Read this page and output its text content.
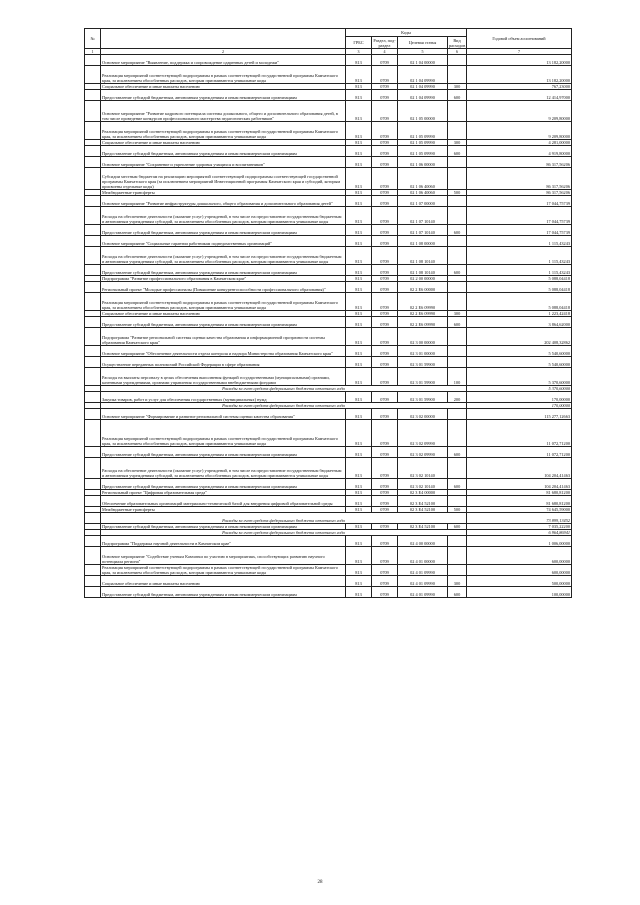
№		Коды				Годовой объем ассигнований
		ГРБС	Раздел, под-раздел	Целевая статья	Вид расходов	
1	2	3	4	5	6	7
	Основное мероприятие "Выявление, поддержка и сопровождение одаренных детей и молодежи"	813	0709	02 1 04 00000		13 182,20000
	Реализация мероприятий соответствующей подпрограммы в рамках соответствующей государственной программы Камчатского края, за исключением обособленных расходов, которым присваиваются уникальные коды	813	0709	02 1 04 09990		13 182,20000
	Социальное обеспечение и иные выплаты населению	813	0709	02 1 04 09990	300	767,23000
	Предоставление субсидий бюджетным, автономным учреждениям и иным некоммерческим организациям	813	0709	02 1 04 09990	600	12 414,97000
	Основное мероприятие "Развитие кадрового потенциала системы дошкольного, общего и дополнительного образования детей, в том числе проведение конкурсов профессионального мастерства педагогических работников"	813	0709	02 1 05 00000		9 209,80000
	Реализация мероприятий соответствующей подпрограммы в рамках соответствующей государственной программы Камчатского края, за исключением обособленных расходов, которым присваиваются уникальные коды	813	0709	02 1 05 09990		9 209,80000
	Социальное обеспечение и иные выплаты населению	813	0709	02 1 05 09990	300	4 281,00000
	Предоставление субсидий бюджетным, автономным учреждениям и иным некоммерческим организациям	813	0709	02 1 05 09990	600	4 919,80000
	Основное мероприятие "Сохранение и укрепление здоровья учащихся и воспитанников"	813	0709	02 1 06 00000		86 317,56206
	Субсидии местным бюджетам на реализацию мероприятий соответствующей подпрограммы соответствующей государственной программы Камчатского края (за исключением мероприятий Инвестиционной программы Камчатского края и субсидий, которым присвоены отдельные коды)	813	0709	02 1 06 40060		86 317,56206
	Межбюджетные трансферты	813	0709	02 1 06 40060	500	86 317,56206
	Основное мероприятие "Развитие инфраструктуры дошкольного, общего образования и дополнительного образования детей"	813	0709	02 1 07 00000		17 044,75739
	Расходы на обеспечение деятельности (оказание услуг) учреждений, в том числе на предоставление государственным бюджетным и автономным учреждениям субсидий, за исключением обособленных расходов, которым присваиваются уникальные коды	813	0709	02 1 07 10140		17 044,75739
	Предоставление субсидий бюджетным, автономным учреждениям и иным некоммерческим организациям	813	0709	02 1 07 10140	600	17 044,75739
	Основное мероприятие "Социальные гарантии работникам подведомственных организаций"	813	0709	02 1 08 00000		1 115,43243
	Расходы на обеспечение деятельности (оказание услуг) учреждений, в том числе на предоставление государственным бюджетным и автономным учреждениям субсидий, за исключением обособленных расходов, которым присваиваются уникальные коды	813	0709	02 1 08 10140		1 115,43243
	Предоставление субсидий бюджетным, автономным учреждениям и иным некоммерческим организациям	813	0709	02 1 08 10140	600	1 115,43243
	Подпрограмма "Развитие профессионального образования в Камчатском крае"	813	0709	02 2 00 00000		5 088,04418
	Региональный проект "Молодые профессионалы (Повышение конкурентоспособности профессионального образования)"	813	0709	02 2 Е6 00000		5 088,04418
	Реализация мероприятий соответствующей подпрограммы в рамках соответствующей государственной программы Камчатского края, за исключением обособленных расходов, которым присваиваются уникальные коды	813	0709	02 2 Е6 09990		5 088,04418
	Социальное обеспечение и иные выплаты населению	813	0709	02 2 Е6 09990	300	1 223,42418
	Предоставление субсидий бюджетным, автономным учреждениям и иным некоммерческим организациям	813	0709	02 2 Е6 09990	600	3 864,62000
	Подпрограмма "Развитие региональной системы оценки качества образования и информационной прозрачности системы образования Камчатского края"	813	0709	02 3 00 00000		202 408,32862
	Основное мероприятие "Обеспечение деятельности отдела контроля и надзора Министерства образования Камчатского края"	813	0709	02 3 01 00000		5 540,60000
	Осуществление переданных полномочий Российской Федерации в сфере образования	813	0709	02 3 01 59900		5 540,60000
	Расходы на выплаты персоналу в целях обеспечения выполнения функций государственными (муниципальными) органами, казенными учреждениями, органами управления государственными внебюджетными фондами	813	0709	02 3 01 59900	100	5 370,60000
	Расходы за счет средств федерального бюджета отчетного года					5 370,60000
	Закупка товаров, работ и услуг для обеспечения государственных (муниципальных) нужд	813	0709	02 3 01 59900	200	170,00000
	Расходы за счет средств федерального бюджета отчетного года					170,00000
	Основное мероприятие "Формирование и развитие региональной системы оценки качества образования"	813	0709	02 3 02 00000		115 277,12663
	Реализация мероприятий соответствующей подпрограммы в рамках соответствующей государственной программы Камчатского края, за исключением обособленных расходов, которым присваиваются уникальные коды	813	0709	02 3 02 09990		11 072,71200
	Предоставление субсидий бюджетным, автономным учреждениям и иным некоммерческим организациям	813	0709	02 3 02 09990	600	11 072,71200
	Расходы на обеспечение деятельности (оказание услуг) учреждений, в том числе на предоставление государственным бюджетным и автономным учреждениям субсидий, за исключением обособленных расходов, которым присваиваются уникальные коды	813	0709	02 3 02 10140		104 204,41463
	Предоставление субсидий бюджетным, автономным учреждениям и иным некоммерческим организациям	813	0709	02 3 02 10140	600	104 204,41463
	Региональный проект "Цифровая образовательная среда"	813	0709	02 3 Е4 00000		81 680,81200
	Обеспечение образовательных организаций материально-технической базой для внедрения цифровой образовательной среды	813	0709	02 3 Е4 52100		81 680,81200
	Межбюджетные трансферты	813	0709	02 3 Е4 52100	500	74 645,59000
	Расходы за счет средств федерального бюджета отчетного года					73 899,13452
	Предоставление субсидий бюджетным, автономным учреждениям и иным некоммерческим организациям	813	0709	02 3 Е4 52100	600	7 035,22200
	Расходы за счет средств федерального бюджета отчетного года					6 964,86941
	Подпрограмма "Поддержка научной деятельности в Камчатском крае"	813	0709	02 4 00 00000		1 006,00000
	Основное мероприятие "Содействие ученым Камчатки по участию в мероприятиях, способствующих развитию научного потенциала региона"	813	0709	02 4 01 00000		600,00000
	Реализация мероприятий соответствующей подпрограммы в рамках соответствующей государственной программы Камчатского края, за исключением обособленных расходов, которым присваиваются уникальные коды	813	0709	02 4 01 09990		600,00000
	Социальное обеспечение и иные выплаты населению	813	0709	02 4 01 09990	300	500,00000
	Предоставление субсидий бюджетным, автономным учреждениям и иным некоммерческим организациям	813	0709	02 4 01 09990	600	100,00000
28
